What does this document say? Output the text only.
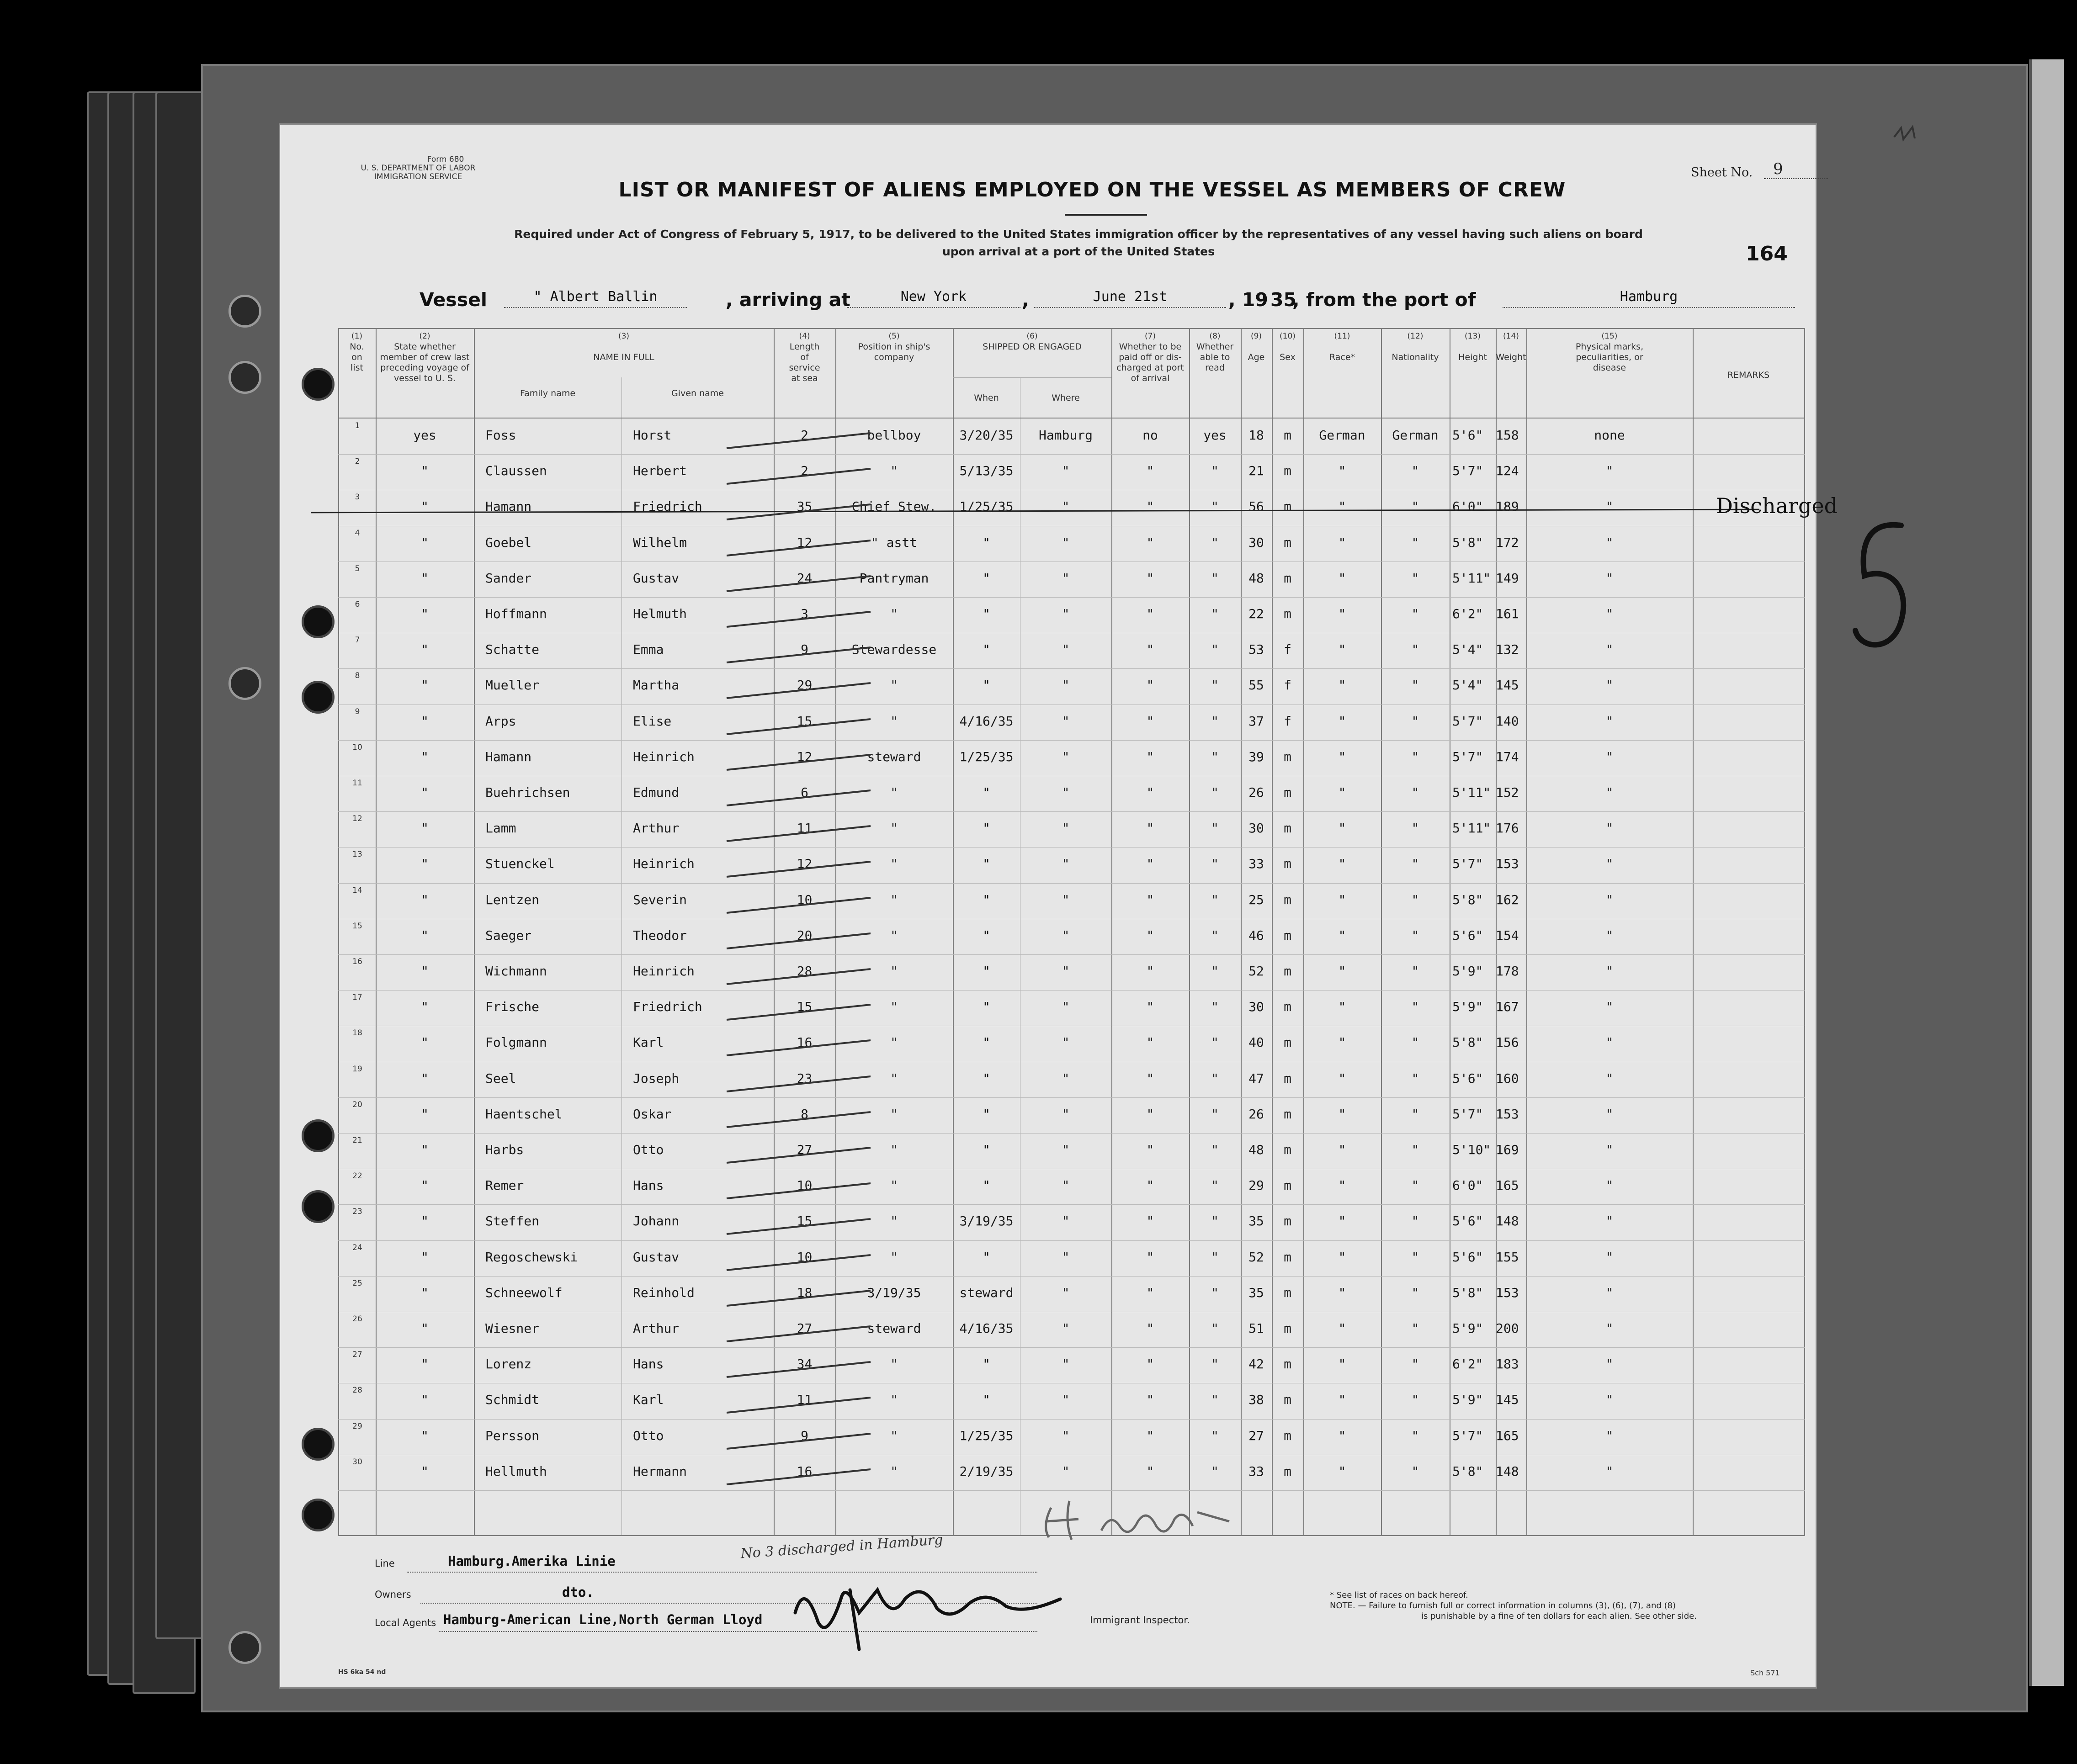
Form 680
U. S. DEPARTMENT OF LABOR
IMMIGRATION SERVICE	Sheet No.	9
LIST OR MANIFEST OF ALIENS EMPLOYED ON THE VESSEL AS MEMBERS OF CREW
Required under Act of Congress of February 5, 1917, to be delivered to the United States immigration officer by the representatives of any vessel having such aliens on board
upon arrival at a port of the United States	164
Vessel	" Albert Ballin	, arriving at	New York	,	June 21st	, 19 35
, from the port of	Hamburg
(1)
No. on list
(2)
State whether member of crew last preceding voyage of vessel to U. S.
(3)

NAME IN FULL
Family name	Given name
(4)
Length of service at sea
(5)
Position in ship's company
(6)
SHIPPED OR ENGAGED
When	Where
(7)
Whether to be paid off or dis-charged at port of arrival
(8)
Whether able to read
(9)

Age
(10)

Sex
(11)

Race*
(12)

Nationality
(13)

Height
(14)

Weight
(15)
Physical marks, peculiarities, or disease
REMARKS
1
yes	Foss	Horst	2	bellboy	3/20/35	Hamburg	no	yes	18	m	German	German	5'6" 158	none
2
"	Claussen	Herbert	2	"	5/13/35	"	"	"	21	m	"	"	5'7" 124	"
3
"	Hamann	Friedrich	35	Chief Stew.	1/25/35	"	"	"	56	m	"	"	6'0" 189	"	Discharged
4
"	Goebel	Wilhelm	12	" astt	"	"	"	"	30	m	"	"	5'8" 172	"
5
"	Sander	Gustav	24	Pantryman	"	"	"	"	48	m	"	"	5'11" 149	"
6
"	Hoffmann	Helmuth	3	"	"	"	"	"	22	m	"	"	6'2" 161	"
7
"	Schatte	Emma	9	Stewardesse	"	"	"	"	53	f	"	"	5'4" 132	"
8
"	Mueller	Martha	29	"	"	"	"	"	55	f	"	"	5'4" 145	"
9
"	Arps	Elise	15	"	4/16/35	"	"	"	37	f	"	"	5'7" 140	"
10
"	Hamann	Heinrich	12	steward	1/25/35	"	"	"	39	m	"	"	5'7" 174	"
11
"	Buehrichsen	Edmund	6	"	"	"	"	"	26	m	"	"	5'11" 152	"
12
"	Lamm	Arthur	11	"	"	"	"	"	30	m	"	"	5'11" 176	"
13
"	Stuenckel	Heinrich	12	"	"	"	"	"	33	m	"	"	5'7" 153	"
14
"	Lentzen	Severin	10	"	"	"	"	"	25	m	"	"	5'8" 162	"
15
"	Saeger	Theodor	20	"	"	"	"	"	46	m	"	"	5'6" 154	"
16
"	Wichmann	Heinrich	28	"	"	"	"	"	52	m	"	"	5'9" 178	"
17
"	Frische	Friedrich	15	"	"	"	"	"	30	m	"	"	5'9" 167	"
18
"	Folgmann	Karl	16	"	"	"	"	"	40	m	"	"	5'8" 156	"
19
"	Seel	Joseph	23	"	"	"	"	"	47	m	"	"	5'6" 160	"
20
"	Haentschel	Oskar	8	"	"	"	"	"	26	m	"	"	5'7" 153	"
21
"	Harbs	Otto	27	"	"	"	"	"	48	m	"	"	5'10" 169	"
22
"	Remer	Hans	10	"	"	"	"	"	29	m	"	"	6'0" 165	"
23
"	Steffen	Johann	15	"	3/19/35	"	"	"	35	m	"	"	5'6" 148	"
24
"	Regoschewski	Gustav	10	"	"	"	"	"	52	m	"	"	5'6" 155	"
25
"	Schneewolf	Reinhold	18	3/19/35	steward	"	"	"	35	m	"	"	5'8" 153	"
26
"	Wiesner	Arthur	27	steward	4/16/35	"	"	"	51	m	"	"	5'9" 200	"
27
"	Lorenz	Hans	34	"	"	"	"	"	42	m	"	"	6'2" 183	"
28
"	Schmidt	Karl	11	"	"	"	"	"	38	m	"	"	5'9" 145	"
29
"	Persson	Otto	9	"	1/25/35	"	"	"	27	m	"	"	5'7" 165	"
30
"	Hellmuth	Hermann	16	"	2/19/35	"	"	"	33	m	"	"	5'8" 148	"
No 3 discharged in Hamburg
Line	Hamburg.Amerika Linie
Owners	dto.
Local Agents Hamburg-American Line,North German Lloyd	Immigrant Inspector.
* See list of races on back hereof.
NOTE. — Failure to furnish full or correct information in columns (3), (6), (7), and (8)
is punishable by a fine of ten dollars for each alien. See other side.
HS 6ka 54 nd	Sch 571
